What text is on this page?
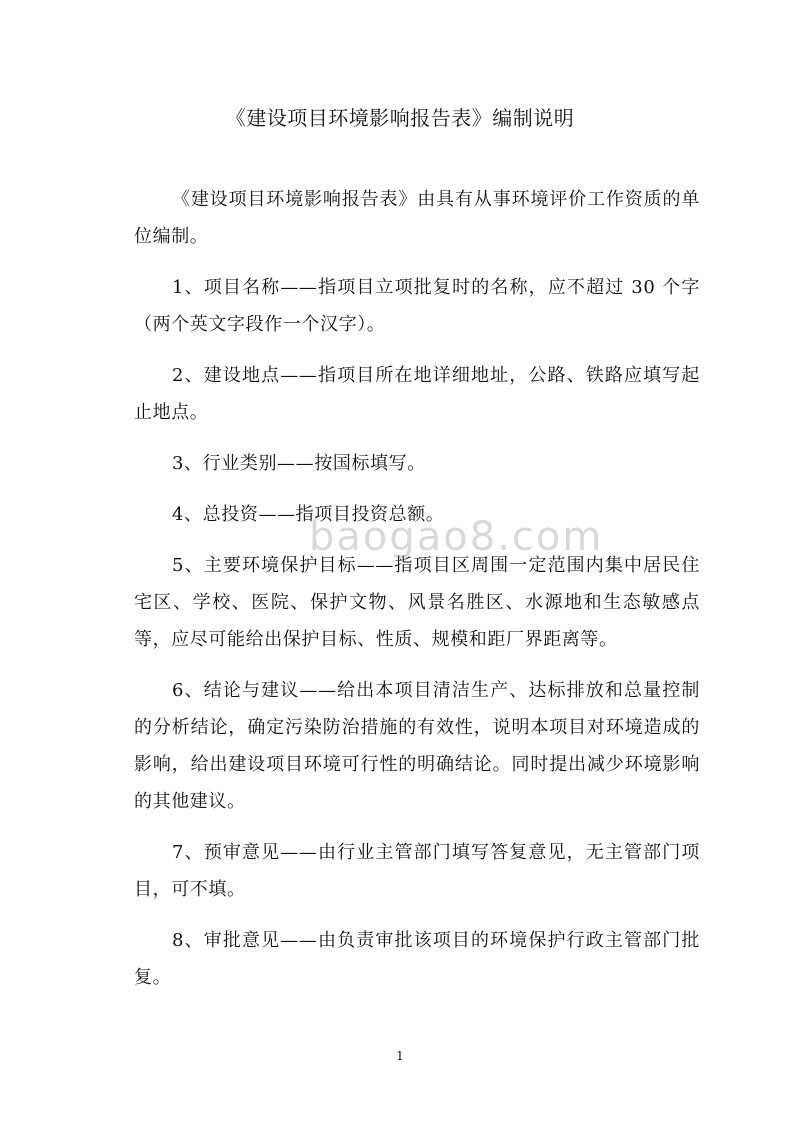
《建设项目环境影响报告表》编制说明

《建设项目环境影响报告表》由具有从事环境评价工作资质的单位编制。

1、项目名称——指项目立项批复时的名称，应不超过 30 个字（两个英文字段作一个汉字）。

2、建设地点——指项目所在地详细地址，公路、铁路应填写起止地点。

3、行业类别——按国标填写。

4、总投资——指项目投资总额。

5、主要环境保护目标——指项目区周围一定范围内集中居民住宅区、学校、医院、保护文物、风景名胜区、水源地和生态敏感点等，应尽可能给出保护目标、性质、规模和距厂界距离等。

6、结论与建议——给出本项目清洁生产、达标排放和总量控制的分析结论，确定污染防治措施的有效性，说明本项目对环境造成的影响，给出建设项目环境可行性的明确结论。同时提出减少环境影响的其他建议。

7、预审意见——由行业主管部门填写答复意见，无主管部门项目，可不填。

8、审批意见——由负责审批该项目的环境保护行政主管部门批复。

baogao8.com
1
